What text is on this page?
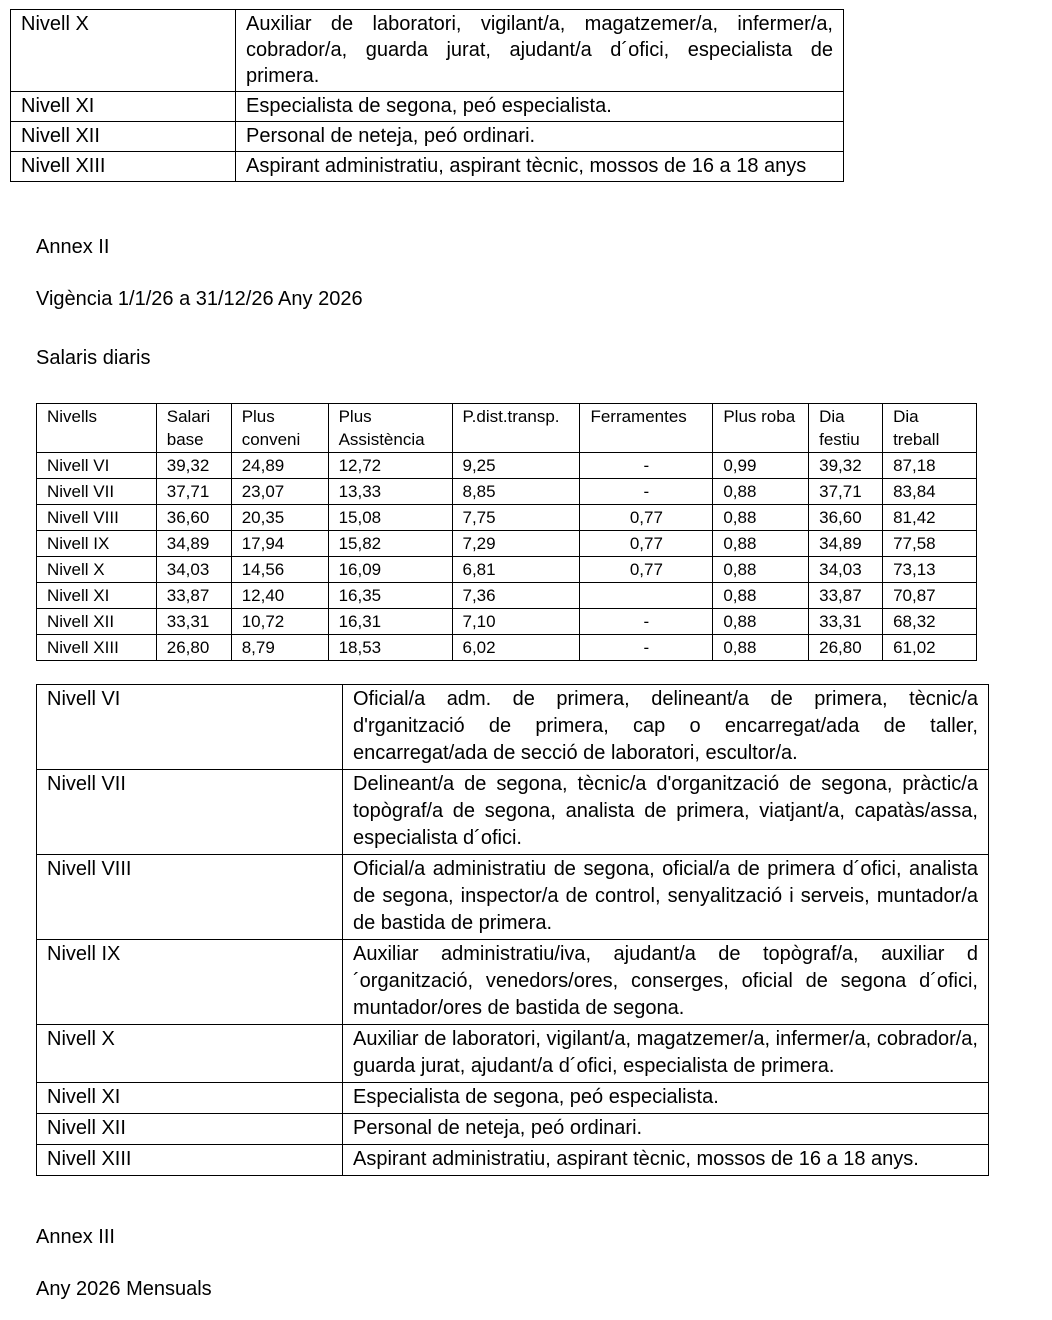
Nivell X	Auxiliar de laboratori, vigilant/a, magatzemer/a, infermer/a, cobrador/a, guarda jurat, ajudant/a d´ofici, especialista de primera.
Nivell XI	Especialista de segona, peó especialista.
Nivell XII	Personal de neteja, peó ordinari.
Nivell XIII	Aspirant administratiu, aspirant tècnic, mossos de 16 a 18 anys
Annex II
Vigència 1/1/26 a 31/12/26 Any 2026
Salaris diaris
Nivells	Salari base	Plus conveni	Plus Assistència	P.dist.transp.	Ferramentes	Plus roba	Dia festiu	Dia treball
Nivell VI	39,32	24,89	12,72	9,25	-	0,99	39,32	87,18
Nivell VII	37,71	23,07	13,33	8,85	-	0,88	37,71	83,84
Nivell VIII	36,60	20,35	15,08	7,75	0,77	0,88	36,60	81,42
Nivell IX	34,89	17,94	15,82	7,29	0,77	0,88	34,89	77,58
Nivell X	34,03	14,56	16,09	6,81	0,77	0,88	34,03	73,13
Nivell XI	33,87	12,40	16,35	7,36		0,88	33,87	70,87
Nivell XII	33,31	10,72	16,31	7,10	-	0,88	33,31	68,32
Nivell XIII	26,80	8,79	18,53	6,02	-	0,88	26,80	61,02
Nivell VI	Oficial/a adm. de primera, delineant/a de primera, tècnic/a d'rganització de primera, cap o encarregat/ada de taller, encarregat/ada de secció de laboratori, escultor/a.
Nivell VII	Delineant/a de segona, tècnic/a d'organització de segona, pràctic/a topògraf/a de segona, analista de primera, viatjant/a, capatàs/assa, especialista d´ofici.
Nivell VIII	Oficial/a administratiu de segona, oficial/a de primera d´ofici, analista de segona, inspector/a de control, senyalització i serveis, muntador/a de bastida de primera.
Nivell IX	Auxiliar administratiu/iva, ajudant/a de topògraf/a, auxiliar d´organització, venedors/ores, conserges, oficial de segona d´ofici, muntador/ores de bastida de segona.
Nivell X	Auxiliar de laboratori, vigilant/a, magatzemer/a, infermer/a, cobrador/a, guarda jurat, ajudant/a d´ofici, especialista de primera.
Nivell XI	Especialista de segona, peó especialista.
Nivell XII	Personal de neteja, peó ordinari.
Nivell XIII	Aspirant administratiu, aspirant tècnic, mossos de 16 a 18 anys.
Annex III
Any 2026 Mensuals
